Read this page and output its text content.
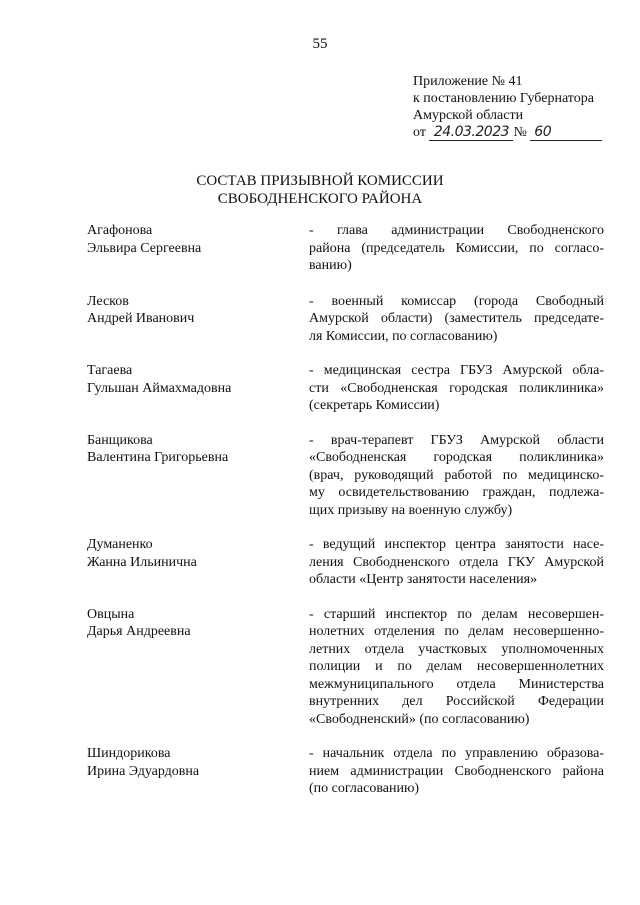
55
Приложение № 41
к постановлению Губернатора
Амурской области
от 24.03.2023 № 60
СОСТАВ ПРИЗЫВНОЙ КОМИССИИ
СВОБОДНЕНСКОГО РАЙОНА
Агафонова
Эльвира Сергеевна
- глава администрации Свободненского
района (председатель Комиссии, по согласо-
ванию)
Лесков
Андрей Иванович
- военный комиссар (города Свободный
Амурской области) (заместитель председате-
ля Комиссии, по согласованию)
Тагаева
Гульшан Аймахмадовна
- медицинская сестра ГБУЗ Амурской обла-
сти «Свободненская городская поликлиника»
(секретарь Комиссии)
Банщикова
Валентина Григорьевна
- врач-терапевт ГБУЗ Амурской области
«Свободненская городская поликлиника»
(врач, руководящий работой по медицинско-
му освидетельствованию граждан, подлежа-
щих призыву на военную службу)
Думаненко
Жанна Ильинична
- ведущий инспектор центра занятости насе-
ления Свободненского отдела ГКУ Амурской
области «Центр занятости населения»
Овцына
Дарья Андреевна
- старший инспектор по делам несовершен-
нолетних отделения по делам несовершенно-
летних отдела участковых уполномоченных
полиции и по делам несовершеннолетних
межмуниципального отдела Министерства
внутренних дел Российской Федерации
«Свободненский» (по согласованию)
Шиндорикова
Ирина Эдуардовна
- начальник отдела по управлению образова-
нием администрации Свободненского района
(по согласованию)
